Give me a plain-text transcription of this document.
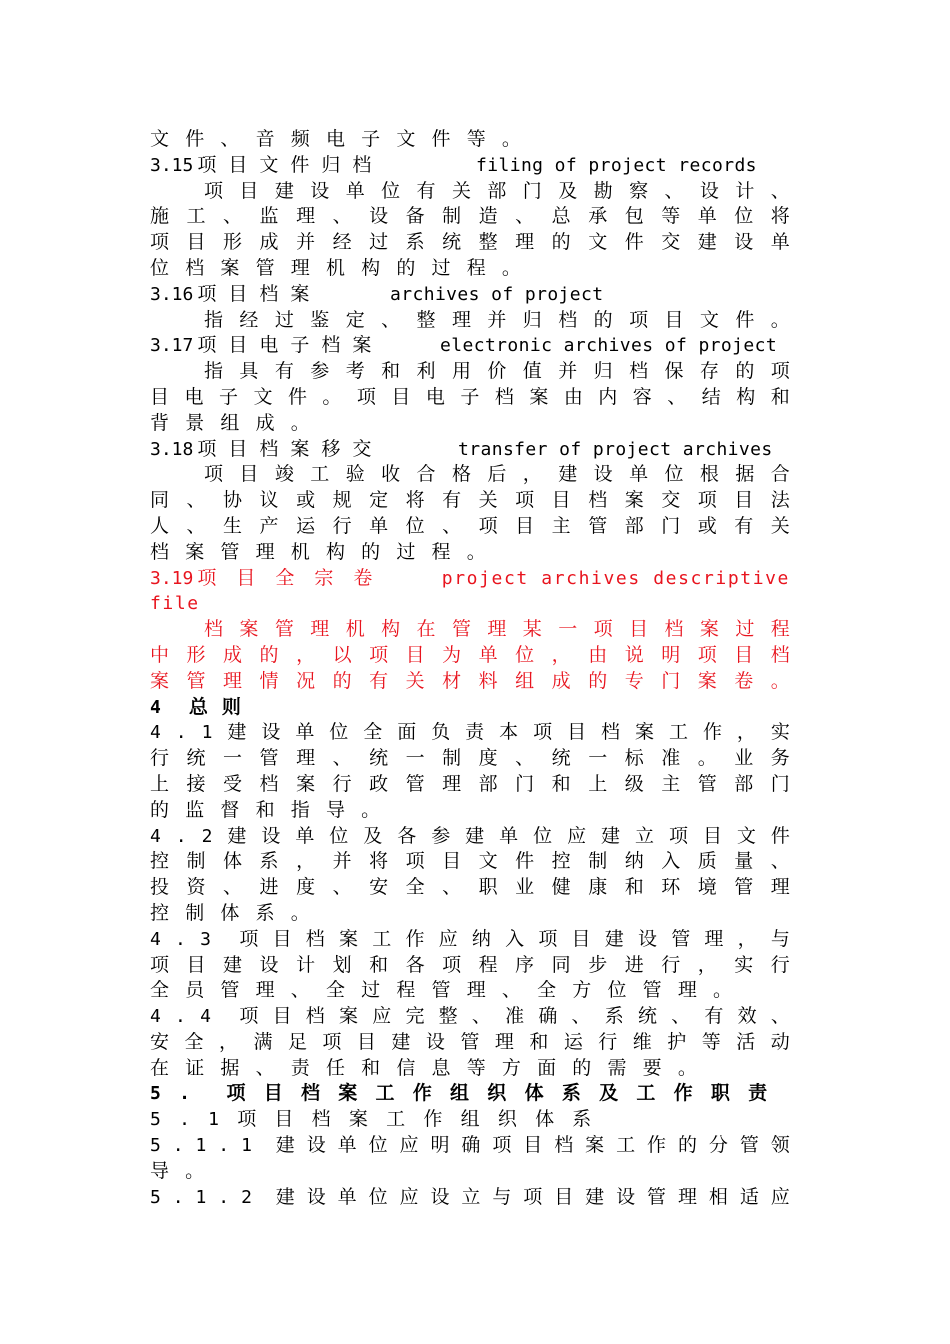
文 件 、 音 频 电 子 文 件 等 。
3.15 项目文件归档	filing of project records
项 目 建 设 单 位 有 关 部 门 及 勘 察 、 设 计 、
施 工 、 监 理 、 设 备 制 造 、 总 承 包 等 单 位 将
项 目 形 成 并 经 过 系 统 整 理 的 文 件 交 建 设 单
位 档 案 管 理 机 构 的 过 程 。
3.16 项目档案	archives of project
指 经 过 鉴 定 、 整 理 并 归 档 的 项 目 文 件 。
3.17 项目电子档案	electronic archives of project
指 具 有 参 考 和 利 用 价 值 并 归 档 保 存 的 项
目 电 子 文 件 。 项 目 电 子 档 案 由 内 容 、 结 构 和
背 景 组 成 。
3.18 项目档案移交	transfer of project archives
项 目 竣 工 验 收 合 格 后 ， 建 设 单 位 根 据 合
同 、 协 议 或 规 定 将 有 关 项 目 档 案 交 项 目 法
人 、 生 产 运 行 单 位 、 项 目 主 管 部 门 或 有 关
档 案 管 理 机 构 的 过 程 。
3.19 项目全宗卷	project archives descriptive
file
档 案 管 理 机 构 在 管 理 某 一 项 目 档 案 过 程
中 形 成 的 ， 以 项 目 为 单 位 ， 由 说 明 项 目 档
案 管 理 情 况 的 有 关 材 料 组 成 的 专 门 案 卷 。
4 总则
4 . 1 建 设 单 位 全 面 负 责 本 项 目 档 案 工 作 ， 实
行 统 一 管 理 、 统 一 制 度 、 统 一 标 准 。 业 务
上 接 受 档 案 行 政 管 理 部 门 和 上 级 主 管 部 门
的 监 督 和 指 导 。
4 . 2 建 设 单 位 及 各 参 建 单 位 应 建 立 项 目 文 件
控 制 体 系 ， 并 将 项 目 文 件 控 制 纳 入 质 量 、
投 资 、 进 度 、 安 全 、 职 业 健 康 和 环 境 管 理
控 制 体 系 。
4 . 3 项 目 档 案 工 作 应 纳 入 项 目 建 设 管 理 ， 与
项 目 建 设 计 划 和 各 项 程 序 同 步 进 行 ， 实 行
全 员 管 理 、 全 过 程 管 理 、 全 方 位 管 理 。
4 . 4 项 目 档 案 应 完 整 、 准 确 、 系 统 、 有 效 、
安 全 ， 满 足 项 目 建 设 管 理 和 运 行 维 护 等 活 动
在 证 据 、 责 任 和 信 息 等 方 面 的 需 要 。
5 . 项 目 档 案 工 作 组 织 体 系 及 工 作 职 责
5 . 1 项 目 档 案 工 作 组 织 体 系
5 . 1 . 1 建 设 单 位 应 明 确 项 目 档 案 工 作 的 分 管 领
导 。
5 . 1 . 2 建 设 单 位 应 设 立 与 项 目 建 设 管 理 相 适 应
